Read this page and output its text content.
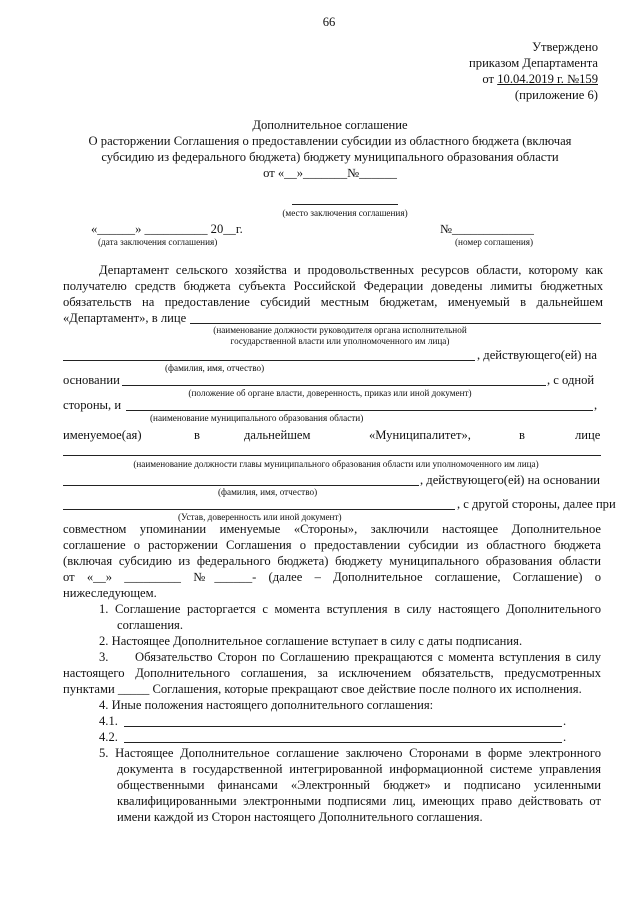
66
Утверждено
приказом Департамента
от 10.04.2019 г. №159
(приложение 6)
Дополнительное соглашение
О расторжении Соглашения о предоставлении субсидии из областного бюджета (включая
субсидию из федерального бюджета) бюджету муниципального образования области
от «__»_______№______
(место заключения соглашения)
«______» __________ 20__г.	№_____________
(дата заключения соглашения)	(номер соглашения)
Департамент сельского хозяйства и продовольственных ресурсов области, которому как
получателю средств бюджета субъекта Российской Федерации доведены лимиты бюджетных
обязательств на предоставление субсидий местным бюджетам, именуемый в дальнейшем
«Департамент», в лице
(наименование должности руководителя органа исполнительной
государственной власти или уполномоченного им лица)
, действующего(ей) на
(фамилия, имя, отчество)
основании	, с одной
(положение об органе власти, доверенность, приказ или иной документ)
стороны, и	,
(наименование муниципального образования области)
именуемое(ая)	в	дальнейшем	«Муниципалитет»,	в	лице
(наименование должности главы муниципального образования области или уполномоченного им лица)
, действующего(ей) на основании
(фамилия, имя, отчество)
, с другой стороны, далее при
(Устав, доверенность или иной документ)
совместном упоминании именуемые «Стороны», заключили настоящее Дополнительное
соглашение о расторжении Соглашения о предоставлении субсидии из областного бюджета
(включая субсидию из федерального бюджета) бюджету муниципального образования области
от «__» _________ №______- (далее – Дополнительное соглашение, Соглашение) о
нижеследующем.
1. Соглашение расторгается с момента вступления в силу настоящего Дополнительного
соглашения.
2. Настоящее Дополнительное соглашение вступает в силу с даты подписания.
3. Обязательство Сторон по Соглашению прекращаются с момента вступления в силу
настоящего Дополнительного соглашения, за исключением обязательств, предусмотренных
пунктами _____ Соглашения, которые прекращают свое действие после полного их исполнения.
4. Иные положения настоящего дополнительного соглашения:
4.1.	.
4.2.	.
5. Настоящее Дополнительное соглашение заключено Сторонами в форме электронного
документа в государственной интегрированной информационной системе управления
общественными финансами «Электронный бюджет» и подписано усиленными
квалифицированными электронными подписями лиц, имеющих право действовать от
имени каждой из Сторон настоящего Дополнительного соглашения.
